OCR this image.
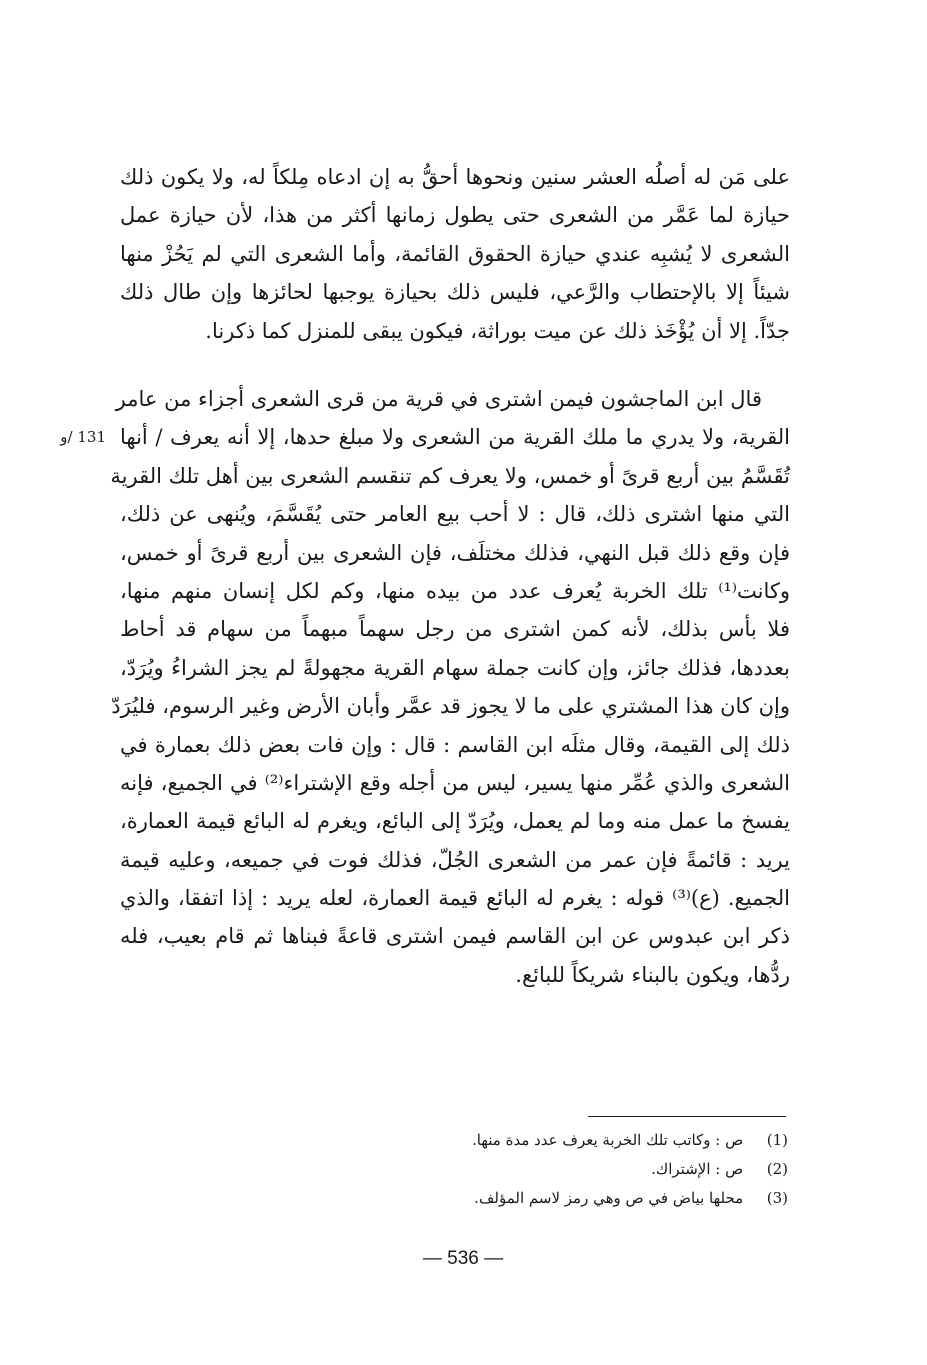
على مَن له أصلُه العشر سنين ونحوها أحقُّ به إن ادعاه مِلكاً له، ولا يكون ذلك
حيازة لما عَمَّر من الشعرى حتى يطول زمانها أكثر من هذا، لأن حيازة عمل
الشعرى لا يُشبِه عندي حيازة الحقوق القائمة، وأما الشعرى التي لم يَحُزْ منها
شيئاً إلا بالإحتطاب والرَّعي، فليس ذلك بحيازة يوجبها لحائزها وإن طال ذلك
جدّاً. إلا أن يُؤْخَذ ذلك عن ميت بوراثة، فيكون يبقى للمنزل كما ذكرنا.
قال ابن الماجشون فيمن اشترى في قرية من قرى الشعرى أجزاء من عامر
القرية، ولا يدري ما ملك القرية من الشعرى ولا مبلغ حدها، إلا أنه يعرف / أنها
تُقَسَّمُ بين أربع قرىً أو خمس، ولا يعرف كم تنقسم الشعرى بين أهل تلك القرية
التي منها اشترى ذلك، قال : لا أحب بيع العامر حتى يُقَسَّمَ، ويُنهى عن ذلك،
فإن وقع ذلك قبل النهي، فذلك مختلَف، فإن الشعرى بين أربع قرىً أو خمس،
وكانت⁽¹⁾ تلك الخربة يُعرف عدد من بيده منها، وكم لكل إنسان منهم منها،
فلا بأس بذلك، لأنه كمن اشترى من رجل سهماً مبهماً من سهام قد أحاط
بعددها، فذلك جائز، وإن كانت جملة سهام القرية مجهولةً لم يجز الشراءُ ويُرَدّ،
وإن كان هذا المشتري على ما لا يجوز قد عمَّر وأبان الأرض وغير الرسوم، فليُرَدّ
ذلك إلى القيمة، وقال مثلَه ابن القاسم : قال : وإن فات بعض ذلك بعمارة في
الشعرى والذي عُمِّر منها يسير، ليس من أجله وقع الإشتراء⁽²⁾ في الجميع، فإنه
يفسخ ما عمل منه وما لم يعمل، ويُرَدّ إلى البائع، ويغرم له البائع قيمة العمارة،
يريد : قائمةً فإن عمر من الشعرى الجُلّ، فذلك فوت في جميعه، وعليه قيمة
الجميع. (ع)⁽³⁾ قوله : يغرم له البائع قيمة العمارة، لعله يريد : إذا اتفقا، والذي
ذكر ابن عبدوس عن ابن القاسم فيمن اشترى قاعةً فبناها ثم قام بعيب، فله
ردُّها، ويكون بالبناء شريكاً للبائع.
131 /و
(1) ص : وكاتب تلك الخربة يعرف عدد مدة منها.
(2) ص : الإشتراك.
(3) محلها بياض في ص وهي رمز لاسم المؤلف.
— 536 —
